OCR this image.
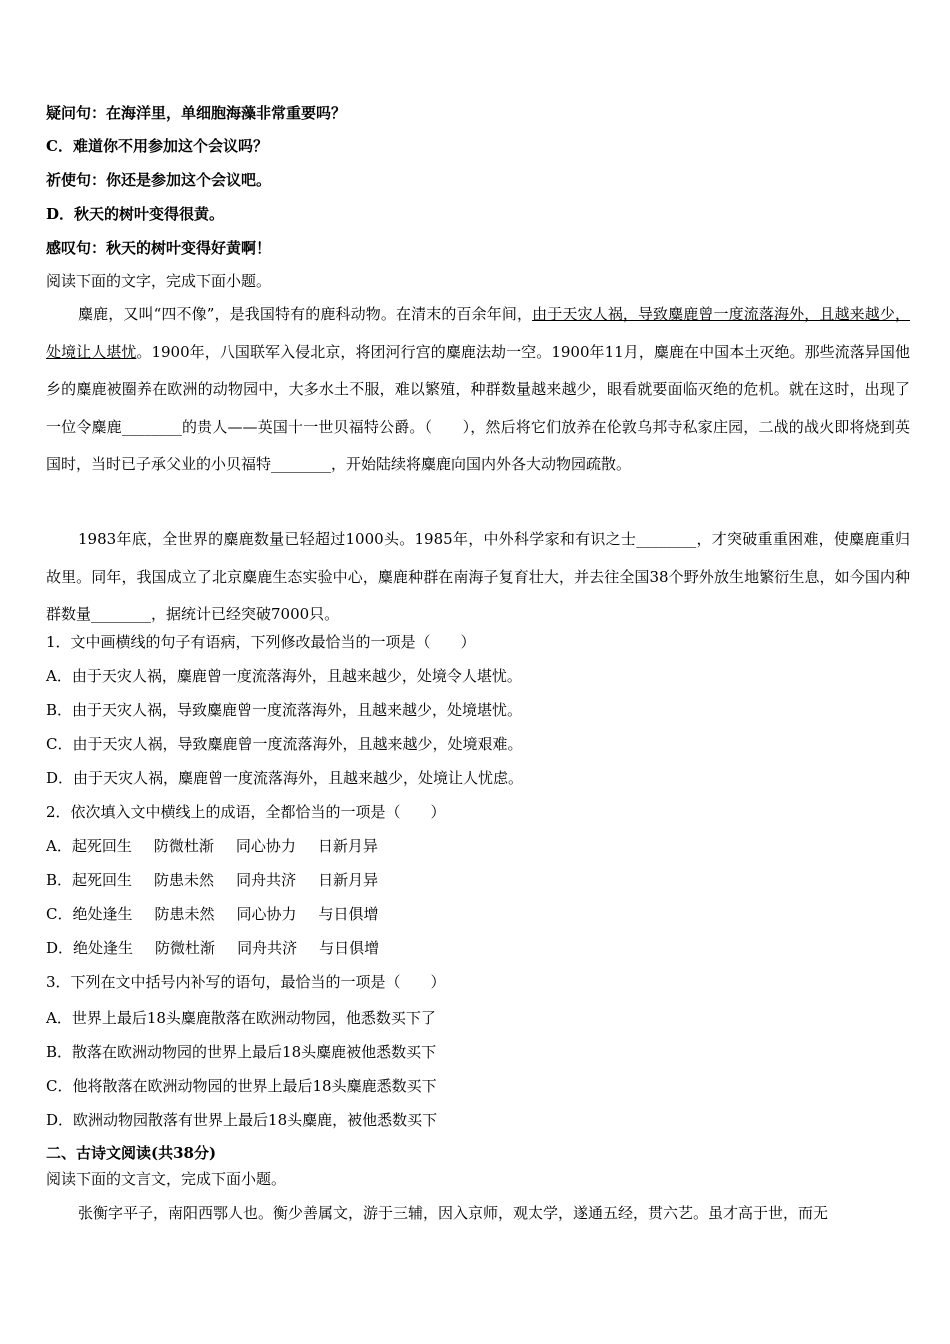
疑问句：在海洋里，单细胞海藻非常重要吗？
C．难道你不用参加这个会议吗？
祈使句：你还是参加这个会议吧。
D．秋天的树叶变得很黄。
感叹句：秋天的树叶变得好黄啊！
阅读下面的文字，完成下面小题。
麋鹿，又叫“四不像”，是我国特有的鹿科动物。在清末的百余年间，由于天灾人祸，导致麋鹿曾一度流落海外，且越来越少，处境让人堪忧。1900年，八国联军入侵北京，将团河行宫的麋鹿法劫一空。1900年11月，麋鹿在中国本土灭绝。那些流落异国他乡的麋鹿被圈养在欧洲的动物园中，大多水土不服，难以繁殖，种群数量越来越少，眼看就要面临灭绝的危机。就在这时，出现了一位令麋鹿________的贵人——英国十一世贝福特公爵。（　　），然后将它们放养在伦敦乌邦寺私家庄园，二战的战火即将烧到英国时，当时已子承父业的小贝福特________，开始陆续将麋鹿向国内外各大动物园疏散。
1983年底，全世界的麋鹿数量已轻超过1000头。1985年，中外科学家和有识之士________，才突破重重困难，使麋鹿重归故里。同年，我国成立了北京麋鹿生态实验中心，麋鹿种群在南海子复育壮大，并去往全国38个野外放生地繁衍生息，如今国内种群数量________，据统计已经突破7000只。
1．文中画横线的句子有语病，下列修改最恰当的一项是（　　）
A．由于天灾人祸，麋鹿曾一度流落海外，且越来越少，处境令人堪忧。
B．由于天灾人祸，导致麋鹿曾一度流落海外，且越来越少，处境堪忧。
C．由于天灾人祸，导致麋鹿曾一度流落海外，且越来越少，处境艰难。
D．由于天灾人祸，麋鹿曾一度流落海外，且越来越少，处境让人忧虑。
2．依次填入文中横线上的成语，全都恰当的一项是（　　）
A．起死回生 防微杜渐 同心协力 日新月异
B．起死回生 防患未然 同舟共济 日新月异
C．绝处逢生 防患未然 同心协力 与日俱增
D．绝处逢生 防微杜渐 同舟共济 与日俱增
3．下列在文中括号内补写的语句，最恰当的一项是（　　）
A．世界上最后18头麋鹿散落在欧洲动物园，他悉数买下了
B．散落在欧洲动物园的世界上最后18头麋鹿被他悉数买下
C．他将散落在欧洲动物园的世界上最后18头麋鹿悉数买下
D．欧洲动物园散落有世界上最后18头麋鹿，被他悉数买下
二、古诗文阅读(共38分)
阅读下面的文言文，完成下面小题。
张衡字平子，南阳西鄂人也。衡少善属文，游于三辅，因入京师，观太学，遂通五经，贯六艺。虽才高于世，而无
